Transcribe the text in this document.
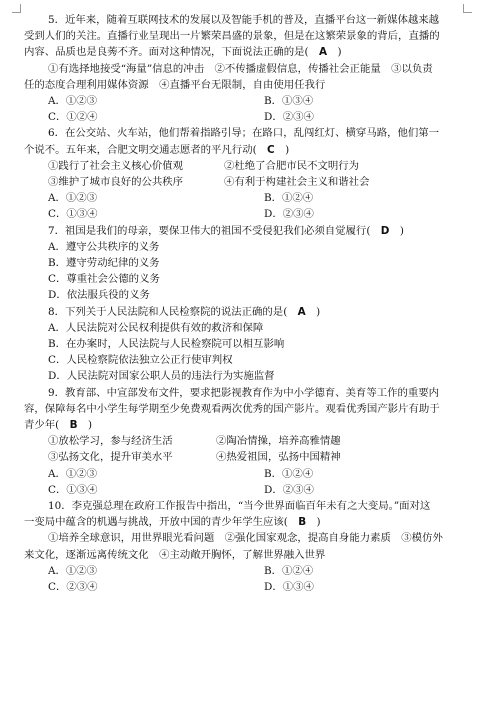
5．近年来，随着互联网技术的发展以及智能手机的普及，直播平台这一新媒体越来越
受到人们的关注。直播行业呈现出一片繁荣昌盛的景象，但是在这繁荣景象的背后，直播的
内容、品质也是良莠不齐。面对这种情况，下面说法正确的是(　 A　 )
①有选择地接受“海量”信息的冲击　 ②不传播虚假信息，传播社会正能量　 ③以负责
任的态度合理利用媒体资源　 ④直播平台无限制，自由使用任我行
A．①②③	B．①③④
C．①②④	D．②③④
6．在公交站、火车站，他们帮着指路引导；在路口，乱闯红灯、横穿马路，他们第一
个说不。五年来，合肥文明交通志愿者的平凡行动(　 C　 )
①践行了社会主义核心价值观	②杜绝了合肥市民不文明行为
③维护了城市良好的公共秩序	④有利于构建社会主义和谐社会
A．①②③	B．①②④
C．①③④	D．②③④
7．祖国是我们的母亲，要保卫伟大的祖国不受侵犯我们必须自觉履行(　 D　 )
A．遵守公共秩序的义务
B．遵守劳动纪律的义务
C．尊重社会公德的义务
D．依法服兵役的义务
8．下列关于人民法院和人民检察院的说法正确的是(　 A　 )
A．人民法院对公民权利提供有效的救济和保障
B．在办案时，人民法院与人民检察院可以相互影响
C．人民检察院依法独立公正行使审判权
D．人民法院对国家公职人员的违法行为实施监督
9．教育部、中宣部发布文件，要求把影视教育作为中小学德育、美育等工作的重要内
容，保障每名中小学生每学期至少免费观看两次优秀的国产影片。观看优秀国产影片有助于
青少年(　 B　 )
①放松学习，参与经济生活	②陶冶情操，培养高雅情趣
③弘扬文化，提升审美水平	④热爱祖国，弘扬中国精神
A．①②③	B．①②④
C．①③④	D．②③④
10．李克强总理在政府工作报告中指出，“当今世界面临百年未有之大变局。”面对这
一变局中蕴含的机遇与挑战，开放中国的青少年学生应该(　 B　 )
①培养全球意识，用世界眼光看问题　 ②强化国家观念，提高自身能力素质　 ③模仿外
来文化，逐渐远离传统文化　 ④主动敞开胸怀，了解世界融入世界
A．①②③	B．①②④
C．②③④	D．①③④
